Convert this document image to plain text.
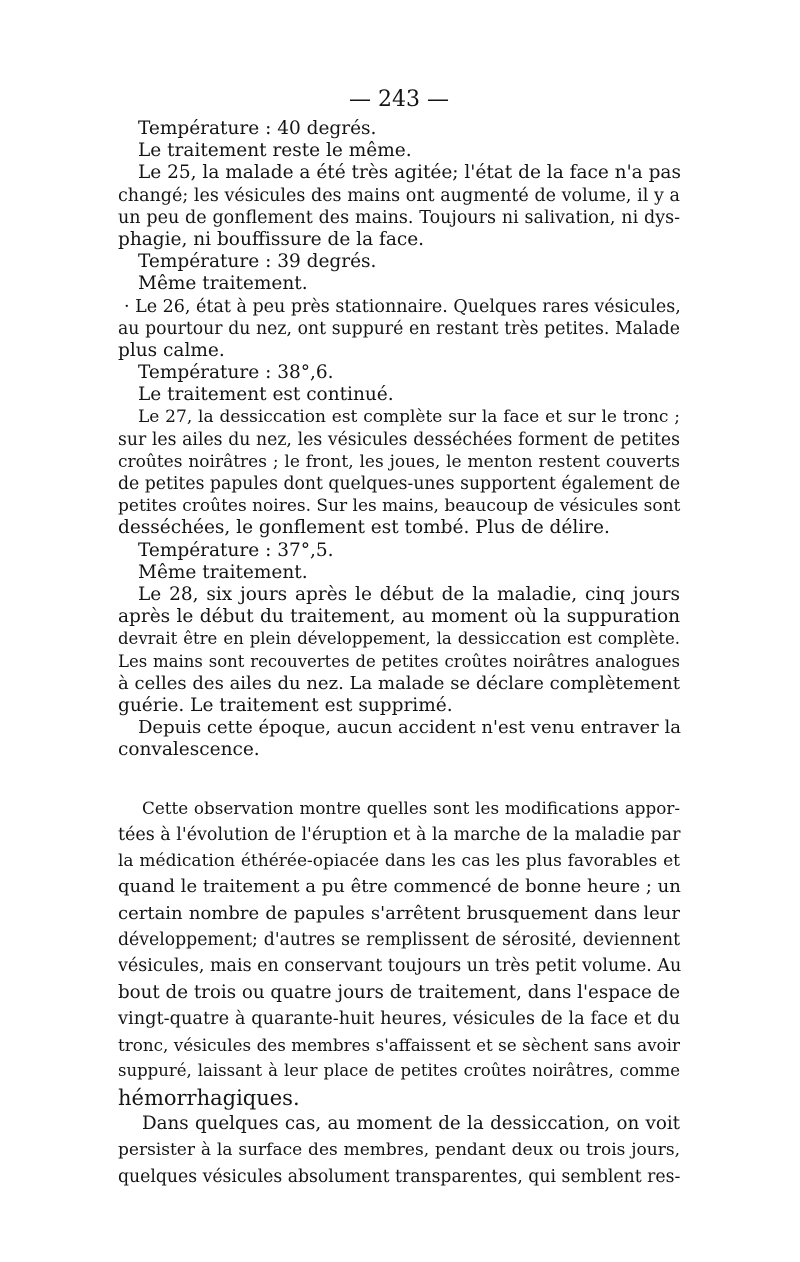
— 243 —
Température : 40 degrés.
Le traitement reste le même.
Le 25, la malade a été très agitée; l'état de la face n'a pas
changé; les vésicules des mains ont augmenté de volume, il y a
un peu de gonflement des mains. Toujours ni salivation, ni dys-
phagie, ni bouffissure de la face.
Température : 39 degrés.
Même traitement.
· Le 26, état à peu près stationnaire. Quelques rares vésicules,
au pourtour du nez, ont suppuré en restant très petites. Malade
plus calme.
Température : 38°,6.
Le traitement est continué.
Le 27, la dessiccation est complète sur la face et sur le tronc ;
sur les ailes du nez, les vésicules desséchées forment de petites
croûtes noirâtres ; le front, les joues, le menton restent couverts
de petites papules dont quelques-unes supportent également de
petites croûtes noires. Sur les mains, beaucoup de vésicules sont
desséchées, le gonflement est tombé. Plus de délire.
Température : 37°,5.
Même traitement.
Le 28, six jours après le début de la maladie, cinq jours
après le début du traitement, au moment où la suppuration
devrait être en plein développement, la dessiccation est complète.
Les mains sont recouvertes de petites croûtes noirâtres analogues
à celles des ailes du nez. La malade se déclare complètement
guérie. Le traitement est supprimé.
Depuis cette époque, aucun accident n'est venu entraver la
convalescence.
Cette observation montre quelles sont les modifications appor-
tées à l'évolution de l'éruption et à la marche de la maladie par
la médication éthérée-opiacée dans les cas les plus favorables et
quand le traitement a pu être commencé de bonne heure ; un
certain nombre de papules s'arrêtent brusquement dans leur
développement; d'autres se remplissent de sérosité, deviennent
vésicules, mais en conservant toujours un très petit volume. Au
bout de trois ou quatre jours de traitement, dans l'espace de
vingt-quatre à quarante-huit heures, vésicules de la face et du
tronc, vésicules des membres s'affaissent et se sèchent sans avoir
suppuré, laissant à leur place de petites croûtes noirâtres, comme
hémorrhagiques.
Dans quelques cas, au moment de la dessiccation, on voit
persister à la surface des membres, pendant deux ou trois jours,
quelques vésicules absolument transparentes, qui semblent res-
